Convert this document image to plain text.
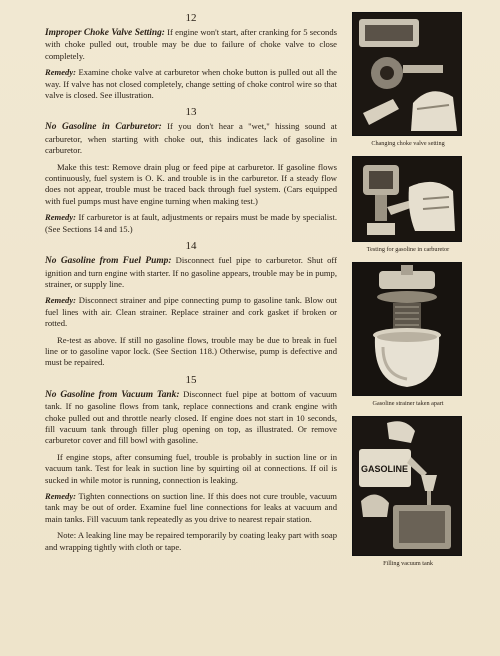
12

Improper Choke Valve Setting: If engine won't start, after cranking for 5 seconds with choke pulled out, trouble may be due to failure of choke valve to close completely.

Remedy: Examine choke valve at carburetor when choke button is pulled out all the way. If valve has not closed completely, change setting of choke control wire so that valve is closed. See illustration.

13

No Gasoline in Carburetor: If you don't hear a "wet," hissing sound at carburetor, when starting with choke out, this indicates lack of gasoline in carburetor.

Make this test: Remove drain plug or feed pipe at carburetor. If gasoline flows continuously, fuel system is O. K. and trouble is in the carburetor. If a steady flow does not appear, trouble must be traced back through fuel system. (Cars equipped with fuel pumps must have engine turning when making test.)

Remedy: If carburetor is at fault, adjustments or repairs must be made by specialist. (See Sections 14 and 15.)

14

No Gasoline from Fuel Pump: Disconnect fuel pipe to carburetor. Shut off ignition and turn engine with starter. If no gasoline appears, trouble may be in pump, strainer, or supply line.

Remedy: Disconnect strainer and pipe connecting pump to gasoline tank. Blow out fuel lines with air. Clean strainer. Replace strainer and cork gasket if broken or rotted.

Re-test as above. If still no gasoline flows, trouble may be due to break in fuel line or to gasoline vapor lock. (See Section 118.) Otherwise, pump is defective and must be repaired.

15

No Gasoline from Vacuum Tank: Disconnect fuel pipe at bottom of vacuum tank. If no gasoline flows from tank, replace connections and crank engine with choke pulled out and throttle nearly closed. If engine does not start in 10 seconds, fill vacuum tank through filler plug opening on top, as illustrated. Or remove carburetor cover and fill bowl with gasoline.

If engine stops, after consuming fuel, trouble is probably in suction line or in vacuum tank. Test for leak in suction line by squirting oil at connections. If oil is sucked in while motor is running, connection is leaking.

Remedy: Tighten connections on suction line. If this does not cure trouble, vacuum tank may be out of order. Examine fuel line connections for leaks at vacuum and main tanks. Fill vacuum tank repeatedly as you drive to nearest repair station.

Note: A leaking line may be repaired temporarily by coating leaky part with soap and wrapping tightly with cloth or tape.

Changing choke valve setting
Testing for gasoline in carburetor
Gasoline strainer taken apart
GASOLINE
Filling vacuum tank
